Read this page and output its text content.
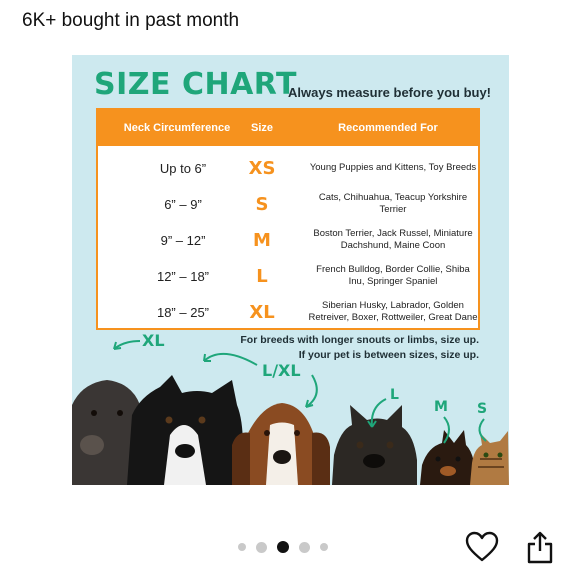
6K+ bought in past month
SIZE CHART
Always measure before you buy!
Neck Circumference	Size	Recommended For
Up to 6”	XS	Young Puppies and Kittens, Toy Breeds
6” – 9”	S	Cats, Chihuahua, Teacup Yorkshire Terrier
9” – 12”	M	Boston Terrier, Jack Russel, Miniature Dachshund, Maine Coon
12” – 18”	L	French Bulldog, Border Collie, Shiba Inu, Springer Spaniel
18” – 25”	XL	Siberian Husky, Labrador, Golden Retreiver, Boxer, Rottweiler, Great Dane
For breeds with longer snouts or limbs, size up.
If your pet is between sizes, size up.
XL
L/XL
L
M S
